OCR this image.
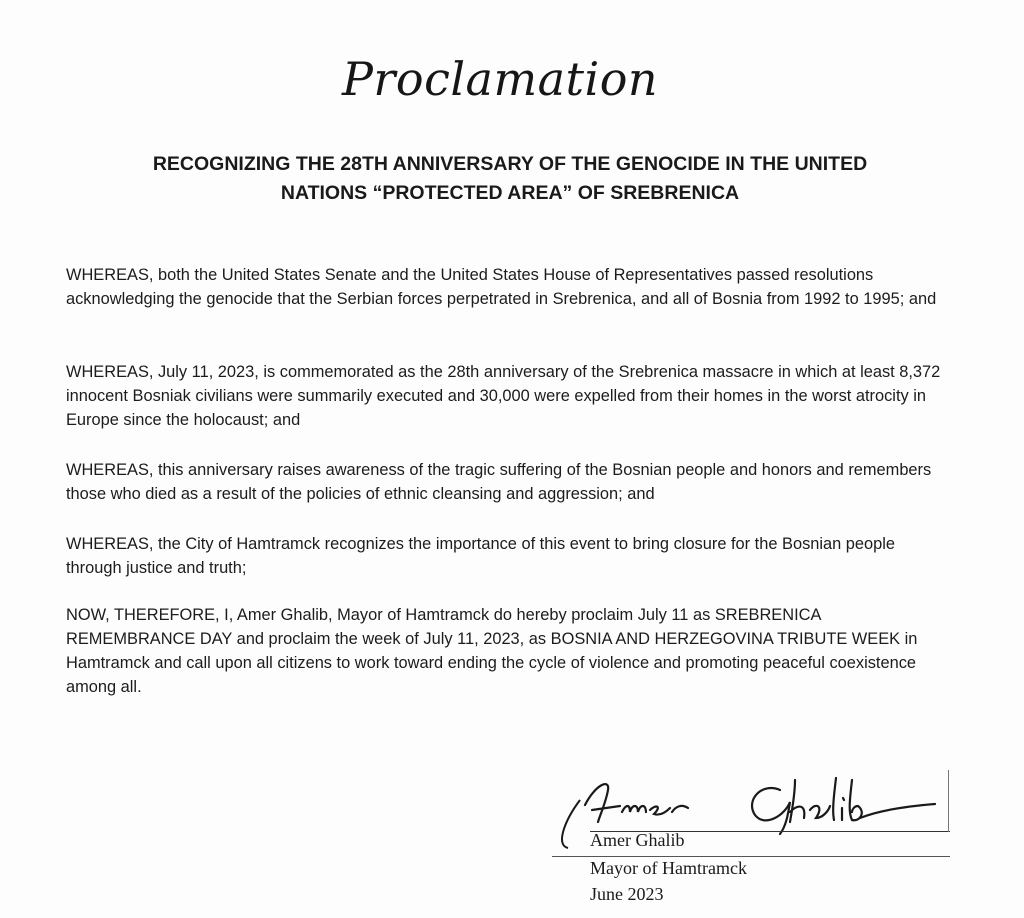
Proclamation
RECOGNIZING THE 28TH ANNIVERSARY OF THE GENOCIDE IN THE UNITED
NATIONS “PROTECTED AREA” OF SREBRENICA

WHEREAS, both the United States Senate and the United States House of Representatives passed resolutions acknowledging the genocide that the Serbian forces perpetrated in Srebrenica, and all of Bosnia from 1992 to 1995; and

WHEREAS, July 11, 2023, is commemorated as the 28th anniversary of the Srebrenica massacre in which at least 8,372 innocent Bosniak civilians were summarily executed and 30,000 were expelled from their homes in the worst atrocity in Europe since the holocaust; and

WHEREAS, this anniversary raises awareness of the tragic suffering of the Bosnian people and honors and remembers those who died as a result of the policies of ethnic cleansing and aggression; and

WHEREAS, the City of Hamtramck recognizes the importance of this event to bring closure for the Bosnian people through justice and truth;

NOW, THEREFORE, I, Amer Ghalib, Mayor of Hamtramck do hereby proclaim July 11 as SREBRENICA REMEMBRANCE DAY and proclaim the week of July 11, 2023, as BOSNIA AND HERZEGOVINA TRIBUTE WEEK in Hamtramck and call upon all citizens to work toward ending the cycle of violence and promoting peaceful coexistence among all.

Amer Ghalib
Mayor of Hamtramck
June 2023
